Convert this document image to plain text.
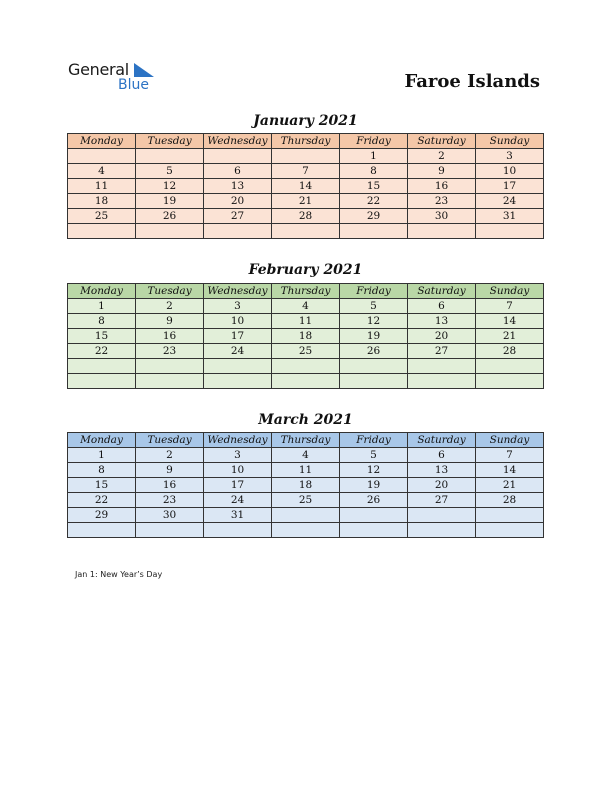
General
Blue	Faroe Islands
January 2021
Monday	Tuesday	Wednesday	Thursday	Friday	Saturday	Sunday
				1	2	3
4	5	6	7	8	9	10
11	12	13	14	15	16	17
18	19	20	21	22	23	24
25	26	27	28	29	30	31

February 2021
Monday	Tuesday	Wednesday	Thursday	Friday	Saturday	Sunday
1	2	3	4	5	6	7
8	9	10	11	12	13	14
15	16	17	18	19	20	21
22	23	24	25	26	27	28

March 2021
Monday	Tuesday	Wednesday	Thursday	Friday	Saturday	Sunday
1	2	3	4	5	6	7
8	9	10	11	12	13	14
15	16	17	18	19	20	21
22	23	24	25	26	27	28
29	30	31				

Jan 1: New Year’s Day
